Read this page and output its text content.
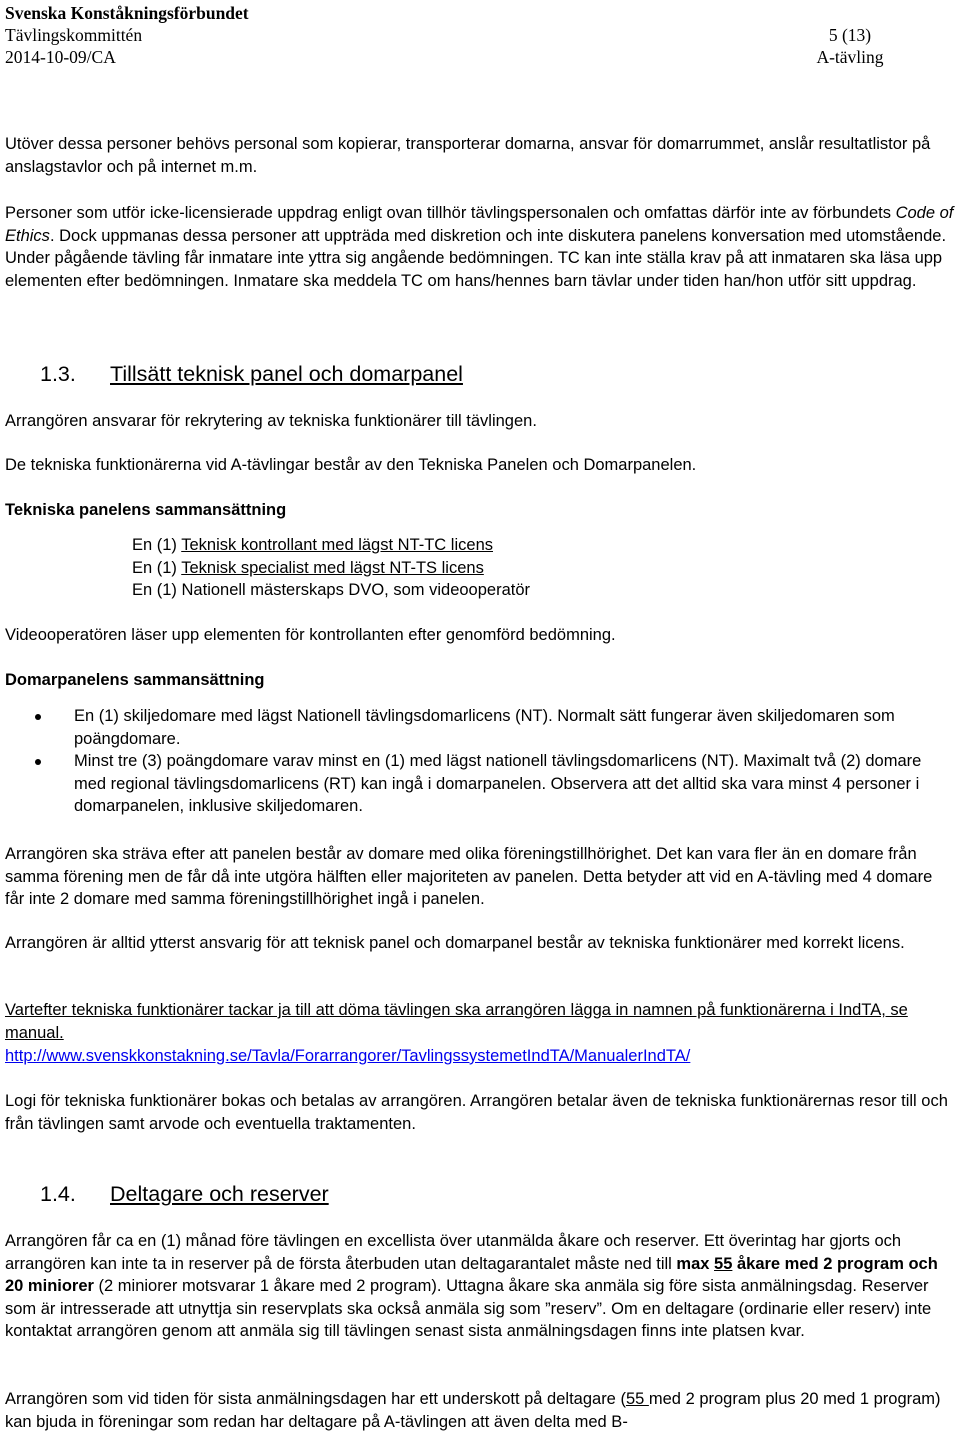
Svenska Konståkningsförbundet
Tävlingskommittén	5 (13)
2014-10-09/CA	A-tävling

Utöver dessa personer behövs personal som kopierar, transporterar domarna, ansvar för domarrummet, anslår resultatlistor på anslagstavlor och på internet m.m.

Personer som utför icke-licensierade uppdrag enligt ovan tillhör tävlingspersonalen och omfattas därför inte av förbundets Code of Ethics. Dock uppmanas dessa personer att uppträda med diskretion och inte diskutera panelens konversation med utomstående. Under pågående tävling får inmatare inte yttra sig angående bedömningen. TC kan inte ställa krav på att inmataren ska läsa upp elementen efter bedömningen. Inmatare ska meddela TC om hans/hennes barn tävlar under tiden han/hon utför sitt uppdrag.

1.3. Tillsätt teknisk panel och domarpanel

Arrangören ansvarar för rekrytering av tekniska funktionärer till tävlingen.

De tekniska funktionärerna vid A-tävlingar består av den Tekniska Panelen och Domarpanelen.

Tekniska panelens sammansättning

En (1) Teknisk kontrollant med lägst NT-TC licens
En (1) Teknisk specialist med lägst NT-TS licens
En (1) Nationell mästerskaps DVO, som videooperatör

Videooperatören läser upp elementen för kontrollanten efter genomförd bedömning.

Domarpanelens sammansättning

En (1) skiljedomare med lägst Nationell tävlingsdomarlicens (NT). Normalt sätt fungerar även skiljedomaren som poängdomare.
Minst tre (3) poängdomare varav minst en (1) med lägst nationell tävlingsdomarlicens (NT). Maximalt två (2) domare med regional tävlingsdomarlicens (RT) kan ingå i domarpanelen. Observera att det alltid ska vara minst 4 personer i domarpanelen, inklusive skiljedomaren.

Arrangören ska sträva efter att panelen består av domare med olika föreningstillhörighet. Det kan vara fler än en domare från samma förening men de får då inte utgöra hälften eller majoriteten av panelen. Detta betyder att vid en A-tävling med 4 domare får inte 2 domare med samma föreningstillhörighet ingå i panelen.

Arrangören är alltid ytterst ansvarig för att teknisk panel och domarpanel består av tekniska funktionärer med korrekt licens.

Vartefter tekniska funktionärer tackar ja till att döma tävlingen ska arrangören lägga in namnen på funktionärerna i IndTA, se manual.

http://www.svenskkonstakning.se/Tavla/Forarrangorer/TavlingssystemetIndTA/ManualerIndTA/

Logi för tekniska funktionärer bokas och betalas av arrangören. Arrangören betalar även de tekniska funktionärernas resor till och från tävlingen samt arvode och eventuella traktamenten.

1.4. Deltagare och reserver

Arrangören får ca en (1) månad före tävlingen en excellista över utanmälda åkare och reserver. Ett överintag har gjorts och arrangören kan inte ta in reserver på de första återbuden utan deltagarantalet måste ned till max 55 åkare med 2 program och 20 miniorer (2 miniorer motsvarar 1 åkare med 2 program). Uttagna åkare ska anmäla sig före sista anmälningsdag. Reserver som är intresserade att utnyttja sin reservplats ska också anmäla sig som ”reserv”. Om en deltagare (ordinarie eller reserv) inte kontaktat arrangören genom att anmäla sig till tävlingen senast sista anmälningsdagen finns inte platsen kvar.

Arrangören som vid tiden för sista anmälningsdagen har ett underskott på deltagare (55 med 2 program plus 20 med 1 program) kan bjuda in föreningar som redan har deltagare på A-tävlingen att även delta med B-
